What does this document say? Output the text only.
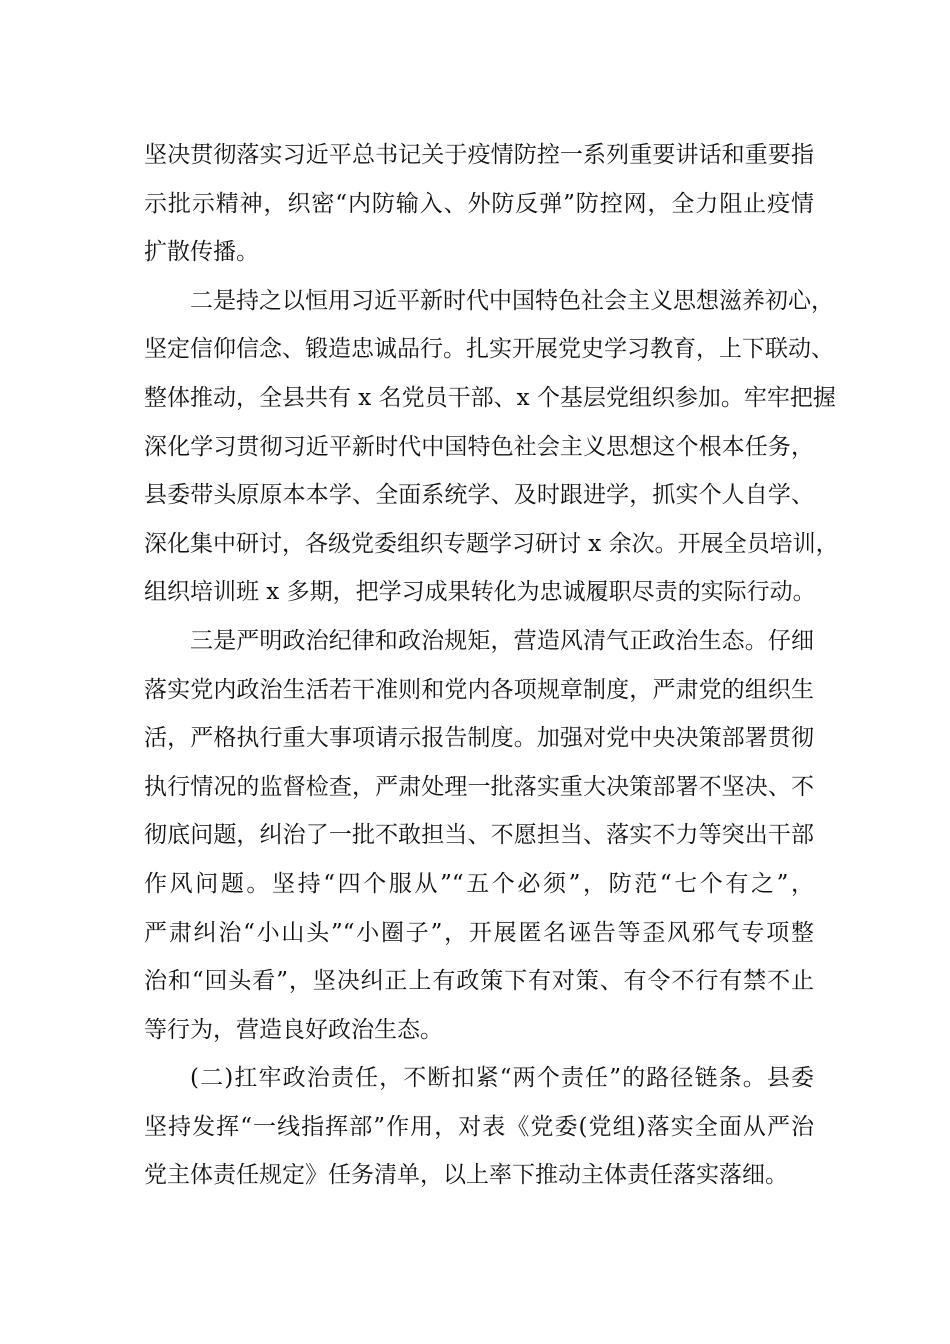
坚决贯彻落实习近平总书记关于疫情防控一系列重要讲话和重要指
示批示精神，织密“内防输入、外防反弹”防控网，全力阻止疫情
扩散传播。
二是持之以恒用习近平新时代中国特色社会主义思想滋养初心，
坚定信仰信念、锻造忠诚品行。扎实开展党史学习教育，上下联动、
整体推动，全县共有 x 名党员干部、x 个基层党组织参加。牢牢把握
深化学习贯彻习近平新时代中国特色社会主义思想这个根本任务，
县委带头原原本本学、全面系统学、及时跟进学，抓实个人自学、
深化集中研讨，各级党委组织专题学习研讨 x 余次。开展全员培训，
组织培训班 x 多期，把学习成果转化为忠诚履职尽责的实际行动。
三是严明政治纪律和政治规矩，营造风清气正政治生态。仔细
落实党内政治生活若干准则和党内各项规章制度，严肃党的组织生
活，严格执行重大事项请示报告制度。加强对党中央决策部署贯彻
执行情况的监督检查，严肃处理一批落实重大决策部署不坚决、不
彻底问题，纠治了一批不敢担当、不愿担当、落实不力等突出干部
作风问题。坚持“四个服从”“五个必须”，防范“七个有之”，
严肃纠治“小山头”“小圈子”，开展匿名诬告等歪风邪气专项整
治和“回头看”，坚决纠正上有政策下有对策、有令不行有禁不止
等行为，营造良好政治生态。
(二)扛牢政治责任，不断扣紧“两个责任”的路径链条。县委
坚持发挥“一线指挥部”作用，对表《党委(党组)落实全面从严治
党主体责任规定》任务清单，以上率下推动主体责任落实落细。
